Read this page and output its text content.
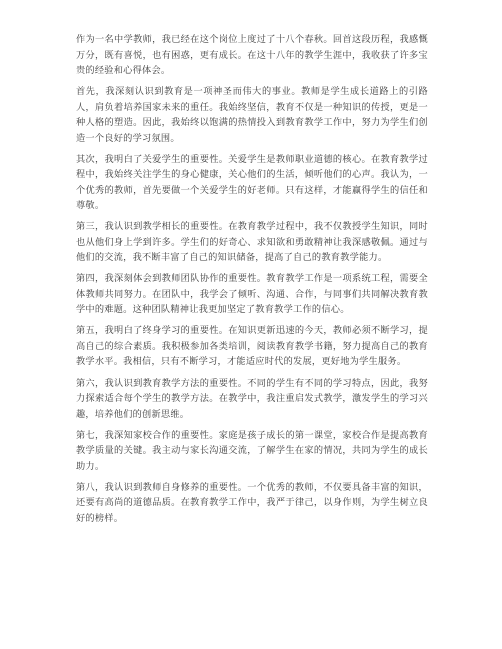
作为一名中学教师，我已经在这个岗位上度过了十八个春秋。回首这段历程，我感慨万分，既有喜悦，也有困惑，更有成长。在这十八年的教学生涯中，我收获了许多宝贵的经验和心得体会。

首先，我深刻认识到教育是一项神圣而伟大的事业。教师是学生成长道路上的引路人，肩负着培养国家未来的重任。我始终坚信，教育不仅是一种知识的传授，更是一种人格的塑造。因此，我始终以饱满的热情投入到教育教学工作中，努力为学生们创造一个良好的学习氛围。

其次，我明白了关爱学生的重要性。关爱学生是教师职业道德的核心。在教育教学过程中，我始终关注学生的身心健康，关心他们的生活，倾听他们的心声。我认为，一个优秀的教师，首先要做一个关爱学生的好老师。只有这样，才能赢得学生的信任和尊敬。

第三，我认识到教学相长的重要性。在教育教学过程中，我不仅教授学生知识，同时也从他们身上学到许多。学生们的好奇心、求知欲和勇敢精神让我深感敬佩。通过与他们的交流，我不断丰富了自己的知识储备，提高了自己的教育教学能力。

第四，我深刻体会到教师团队协作的重要性。教育教学工作是一项系统工程，需要全体教师共同努力。在团队中，我学会了倾听、沟通、合作，与同事们共同解决教育教学中的难题。这种团队精神让我更加坚定了教育教学工作的信心。

第五，我明白了终身学习的重要性。在知识更新迅速的今天，教师必须不断学习，提高自己的综合素质。我积极参加各类培训，阅读教育教学书籍，努力提高自己的教育教学水平。我相信，只有不断学习，才能适应时代的发展，更好地为学生服务。

第六，我认识到教育教学方法的重要性。不同的学生有不同的学习特点，因此，我努力探索适合每个学生的教学方法。在教学中，我注重启发式教学，激发学生的学习兴趣，培养他们的创新思维。

第七，我深知家校合作的重要性。家庭是孩子成长的第一课堂，家校合作是提高教育教学质量的关键。我主动与家长沟通交流，了解学生在家的情况，共同为学生的成长助力。

第八，我认识到教师自身修养的重要性。一个优秀的教师，不仅要具备丰富的知识，还要有高尚的道德品质。在教育教学工作中，我严于律己，以身作则，为学生树立良好的榜样。
